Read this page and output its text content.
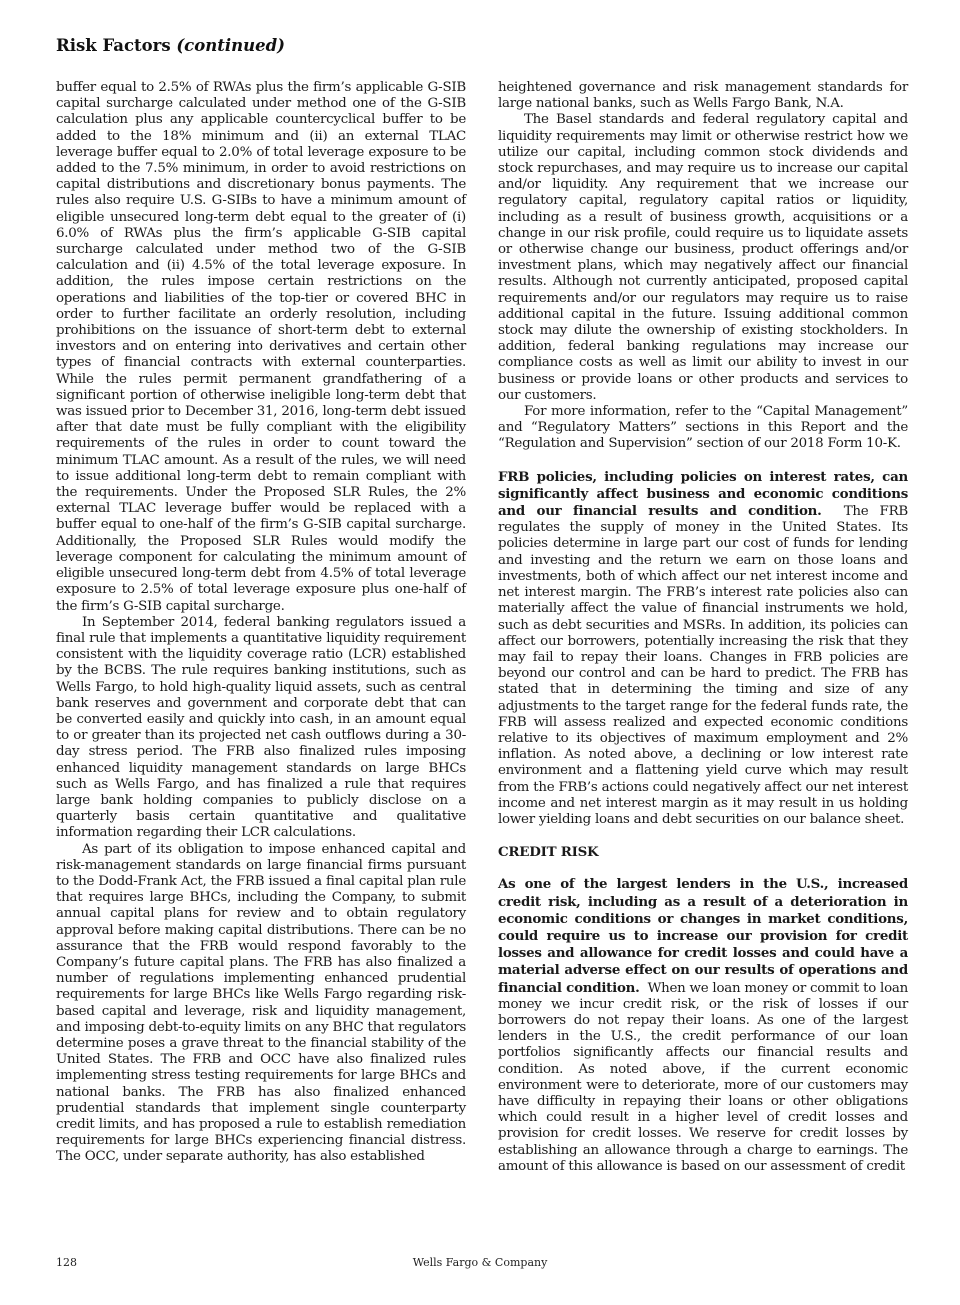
Risk Factors (continued)

buffer equal to 2.5% of RWAs plus the firm’s applicable G-SIB capital surcharge calculated under method one of the G-SIB calculation plus any applicable countercyclical buffer to be added to the 18% minimum and (ii) an external TLAC leverage buffer equal to 2.0% of total leverage exposure to be added to the 7.5% minimum, in order to avoid restrictions on capital distributions and discretionary bonus payments. The rules also require U.S. G-SIBs to have a minimum amount of eligible unsecured long-term debt equal to the greater of (i) 6.0% of RWAs plus the firm’s applicable G-SIB capital surcharge calculated under method two of the G-SIB calculation and (ii) 4.5% of the total leverage exposure. In addition, the rules impose certain restrictions on the operations and liabilities of the top-tier or covered BHC in order to further facilitate an orderly resolution, including prohibitions on the issuance of short-term debt to external investors and on entering into derivatives and certain other types of financial contracts with external counterparties. While the rules permit permanent grandfathering of a significant portion of otherwise ineligible long-term debt that was issued prior to December 31, 2016, long-term debt issued after that date must be fully compliant with the eligibility requirements of the rules in order to count toward the minimum TLAC amount. As a result of the rules, we will need to issue additional long-term debt to remain compliant with the requirements. Under the Proposed SLR Rules, the 2% external TLAC leverage buffer would be replaced with a buffer equal to one-half of the firm’s G-SIB capital surcharge. Additionally, the Proposed SLR Rules would modify the leverage component for calculating the minimum amount of eligible unsecured long-term debt from 4.5% of total leverage exposure to 2.5% of total leverage exposure plus one-half of the firm’s G-SIB capital surcharge.

In September 2014, federal banking regulators issued a final rule that implements a quantitative liquidity requirement consistent with the liquidity coverage ratio (LCR) established by the BCBS. The rule requires banking institutions, such as Wells Fargo, to hold high-quality liquid assets, such as central bank reserves and government and corporate debt that can be converted easily and quickly into cash, in an amount equal to or greater than its projected net cash outflows during a 30-day stress period. The FRB also finalized rules imposing enhanced liquidity management standards on large BHCs such as Wells Fargo, and has finalized a rule that requires large bank holding companies to publicly disclose on a quarterly basis certain quantitative and qualitative information regarding their LCR calculations.

As part of its obligation to impose enhanced capital and risk-management standards on large financial firms pursuant to the Dodd-Frank Act, the FRB issued a final capital plan rule that requires large BHCs, including the Company, to submit annual capital plans for review and to obtain regulatory approval before making capital distributions. There can be no assurance that the FRB would respond favorably to the Company’s future capital plans. The FRB has also finalized a number of regulations implementing enhanced prudential requirements for large BHCs like Wells Fargo regarding risk-based capital and leverage, risk and liquidity management, and imposing debt-to-equity limits on any BHC that regulators determine poses a grave threat to the financial stability of the United States. The FRB and OCC have also finalized rules implementing stress testing requirements for large BHCs and national banks. The FRB has also finalized enhanced prudential standards that implement single counterparty credit limits, and has proposed a rule to establish remediation requirements for large BHCs experiencing financial distress. The OCC, under separate authority, has also established

heightened governance and risk management standards for large national banks, such as Wells Fargo Bank, N.A.

The Basel standards and federal regulatory capital and liquidity requirements may limit or otherwise restrict how we utilize our capital, including common stock dividends and stock repurchases, and may require us to increase our capital and/or liquidity. Any requirement that we increase our regulatory capital, regulatory capital ratios or liquidity, including as a result of business growth, acquisitions or a change in our risk profile, could require us to liquidate assets or otherwise change our business, product offerings and/or investment plans, which may negatively affect our financial results. Although not currently anticipated, proposed capital requirements and/or our regulators may require us to raise additional capital in the future. Issuing additional common stock may dilute the ownership of existing stockholders. In addition, federal banking regulations may increase our compliance costs as well as limit our ability to invest in our business or provide loans or other products and services to our customers.

For more information, refer to the “Capital Management” and “Regulatory Matters” sections in this Report and the “Regulation and Supervision” section of our 2018 Form 10-K.

FRB policies, including policies on interest rates, can significantly affect business and economic conditions and our financial results and condition. The FRB regulates the supply of money in the United States. Its policies determine in large part our cost of funds for lending and investing and the return we earn on those loans and investments, both of which affect our net interest income and net interest margin. The FRB’s interest rate policies also can materially affect the value of financial instruments we hold, such as debt securities and MSRs. In addition, its policies can affect our borrowers, potentially increasing the risk that they may fail to repay their loans. Changes in FRB policies are beyond our control and can be hard to predict. The FRB has stated that in determining the timing and size of any adjustments to the target range for the federal funds rate, the FRB will assess realized and expected economic conditions relative to its objectives of maximum employment and 2% inflation. As noted above, a declining or low interest rate environment and a flattening yield curve which may result from the FRB’s actions could negatively affect our net interest income and net interest margin as it may result in us holding lower yielding loans and debt securities on our balance sheet.

CREDIT RISK

As one of the largest lenders in the U.S., increased credit risk, including as a result of a deterioration in economic conditions or changes in market conditions, could require us to increase our provision for credit losses and allowance for credit losses and could have a material adverse effect on our results of operations and financial condition. When we loan money or commit to loan money we incur credit risk, or the risk of losses if our borrowers do not repay their loans. As one of the largest lenders in the U.S., the credit performance of our loan portfolios significantly affects our financial results and condition. As noted above, if the current economic environment were to deteriorate, more of our customers may have difficulty in repaying their loans or other obligations which could result in a higher level of credit losses and provision for credit losses. We reserve for credit losses by establishing an allowance through a charge to earnings. The amount of this allowance is based on our assessment of credit

128	Wells Fargo & Company
